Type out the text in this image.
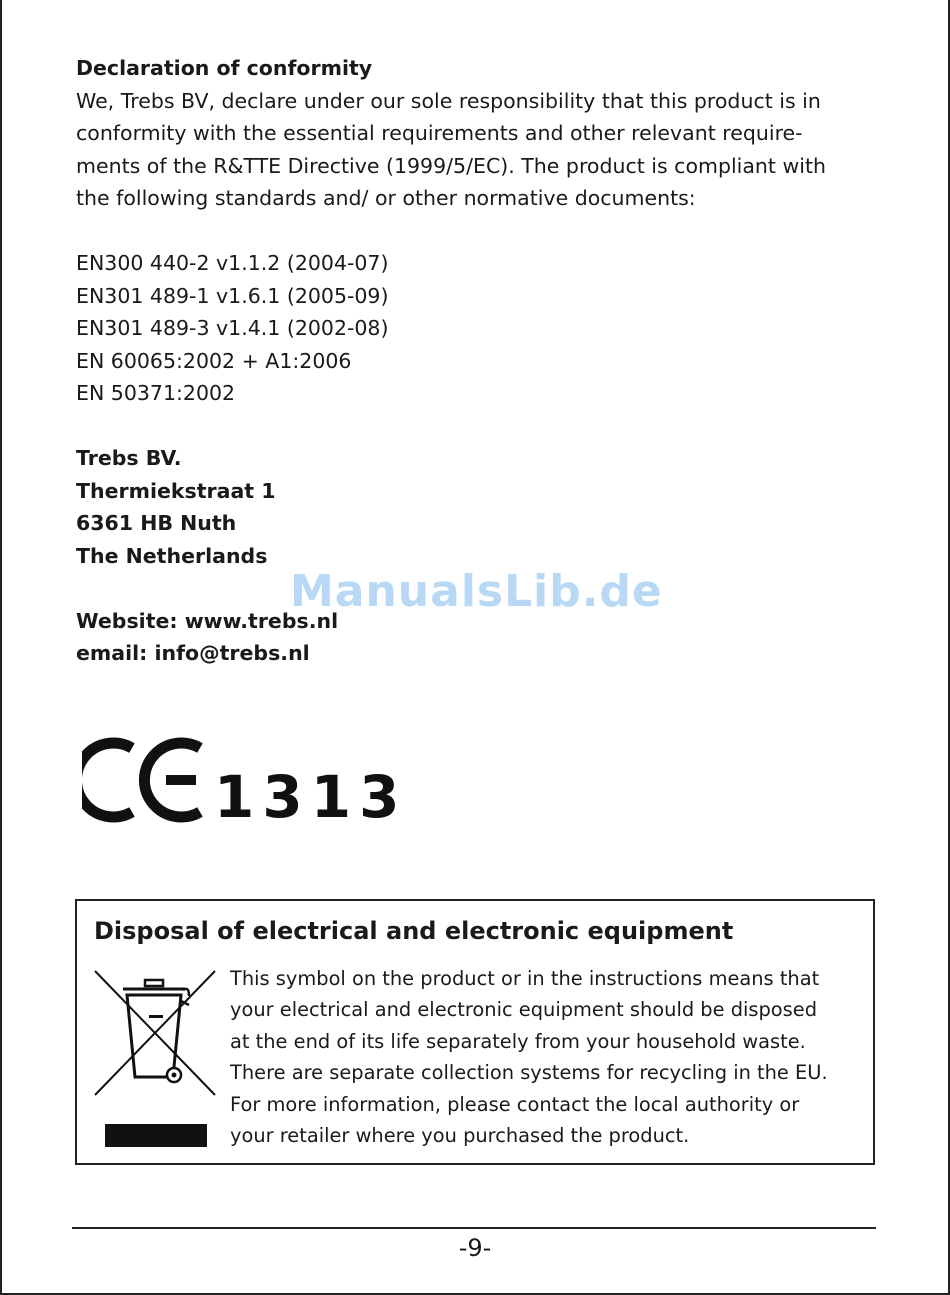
Declaration of conformity

We, Trebs BV, declare under our sole responsibility that this product is in

conformity with the essential requirements and other relevant require-

ments of the R&TTE Directive (1999/5/EC). The product is compliant with

the following standards and/ or other normative documents:

EN300 440-2 v1.1.2 (2004-07)

EN301 489-1 v1.6.1 (2005-09)

EN301 489-3 v1.4.1 (2002-08)

EN 60065:2002 + A1:2006

EN 50371:2002

Trebs BV.

Thermiekstraat 1

6361 HB Nuth

The Netherlands

Website: www.trebs.nl

email: info@trebs.nl

ManualsLib.de
1313
Disposal of electrical and electronic equipment

This symbol on the product or in the instructions means that

your electrical and electronic equipment should be disposed

at the end of its life separately from your household waste.

There are separate collection systems for recycling in the EU.

For more information, please contact the local authority or

your retailer where you purchased the product.

-9-
